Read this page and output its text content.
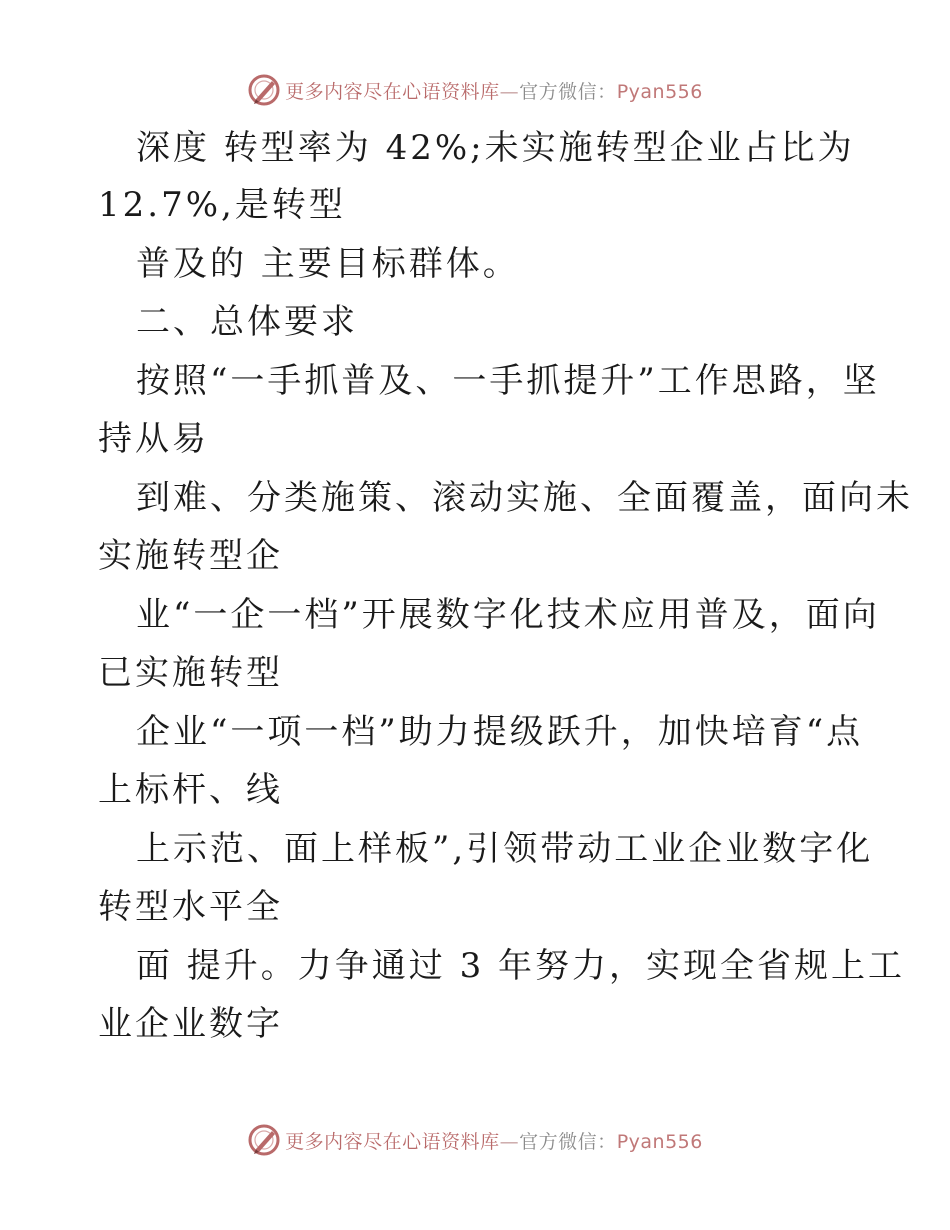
更多内容尽在心语资料库—官方微信：Pyan556
深度 转型率为 42%;未实施转型企业占比为
12.7%,是转型
普及的 主要目标群体。
二、总体要求
按照“一手抓普及、一手抓提升”工作思路，坚
持从易
到难、分类施策、滚动实施、全面覆盖，面向未
实施转型企
业“一企一档”开展数字化技术应用普及，面向
已实施转型
企业“一项一档”助力提级跃升，加快培育“点
上标杆、线
上示范、面上样板”,引领带动工业企业数字化
转型水平全
面 提升。力争通过 3 年努力，实现全省规上工
业企业数字
更多内容尽在心语资料库—官方微信：Pyan556
